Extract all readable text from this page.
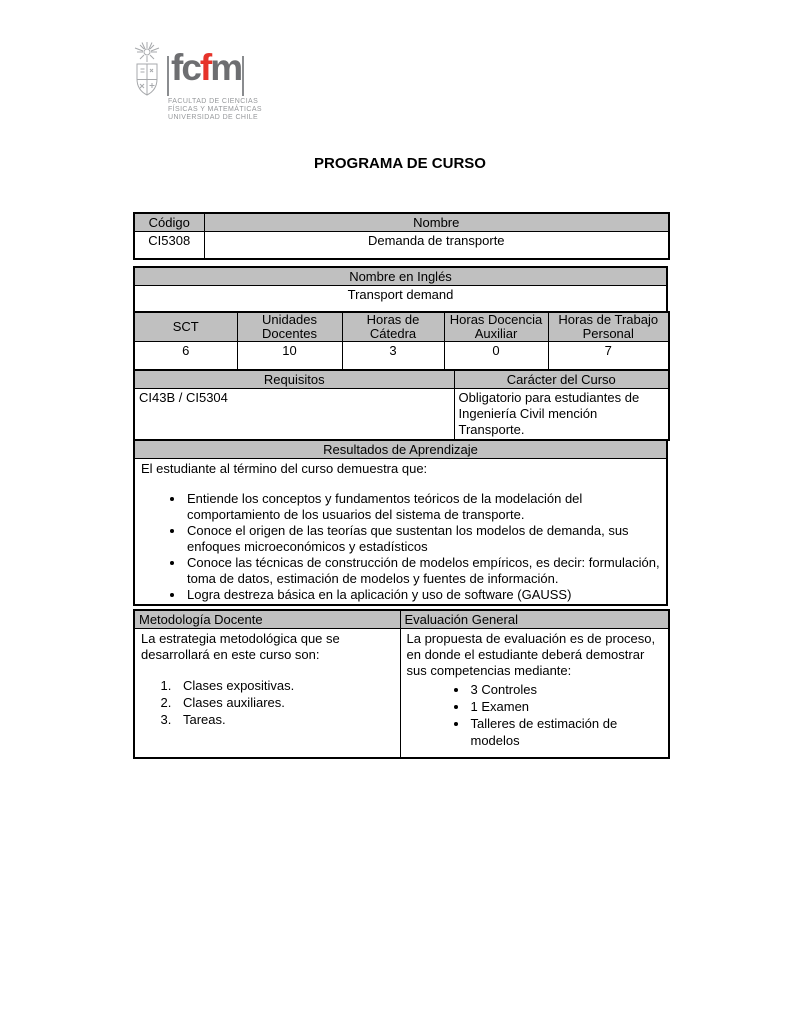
fcfm
FACULTAD DE CIENCIAS
FÍSICAS Y MATEMÁTICAS
UNIVERSIDAD DE CHILE
PROGRAMA DE CURSO
Código	Nombre
CI5308	Demanda de transporte
Nombre en Inglés
Transport demand
SCT	Unidades Docentes	Horas de Cátedra	Horas Docencia Auxiliar	Horas de Trabajo Personal
6	10	3	0	7
Requisitos	Carácter del Curso
CI43B / CI5304	Obligatorio para estudiantes de Ingeniería Civil mención Transporte.
Resultados de Aprendizaje

El estudiante al término del curso demuestra que:
• Entiende los conceptos y fundamentos teóricos de la modelación del comportamiento de los usuarios del sistema de transporte.
• Conoce el origen de las teorías que sustentan los modelos de demanda, sus enfoques microeconómicos y estadísticos
• Conoce las técnicas de construcción de modelos empíricos, es decir: formulación, toma de datos, estimación de modelos y fuentes de información.
• Logra destreza básica en la aplicación y uso de software (GAUSS)
Metodología Docente	Evaluación General

La estrategia metodológica que se desarrollará en este curso son:
1. Clases expositivas.
2. Clases auxiliares.
3. Tareas.

La propuesta de evaluación es de proceso, en donde el estudiante deberá demostrar sus competencias mediante:
• 3 Controles
• 1 Examen
• Talleres de estimación de modelos
